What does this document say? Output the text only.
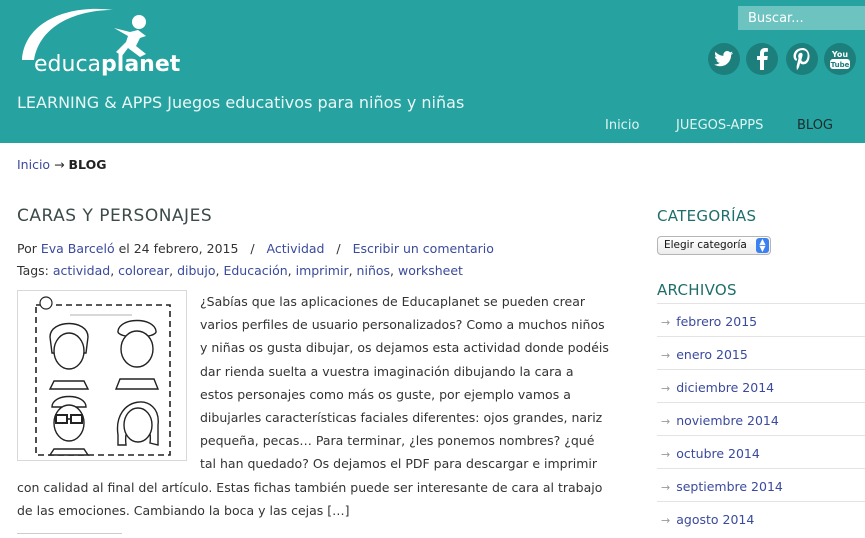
educaplanet
LEARNING & APPS Juegos educativos para niños y niñas
Buscar...
You
Tube
Inicio	JUEGOS-APPS	BLOG
Inicio → BLOG
CARAS Y PERSONAJES
Por Eva Barceló el 24 febrero, 2015 / Actividad / Escribir un comentario
Tags: actividad, colorear, dibujo, Educación, imprimir, niños, worksheet
¿Sabías que las aplicaciones de Educaplanet se pueden crear
varios perfiles de usuario personalizados? Como a muchos niños
y niñas os gusta dibujar, os dejamos esta actividad donde podéis
dar rienda suelta a vuestra imaginación dibujando la cara a
estos personajes como más os guste, por ejemplo vamos a
dibujarles características faciales diferentes: ojos grandes, nariz
pequeña, pecas… Para terminar, ¿les ponemos nombres? ¿qué
tal han quedado? Os dejamos el PDF para descargar e imprimir
con calidad al final del artículo. Estas fichas también puede ser interesante de cara al trabajo
de las emociones. Cambiando la boca y las cejas […]
CATEGORÍAS
Elegir categoría	▲
▼
ARCHIVOS
→ febrero 2015
→ enero 2015
→ diciembre 2014
→ noviembre 2014
→ octubre 2014
→ septiembre 2014
→ agosto 2014
